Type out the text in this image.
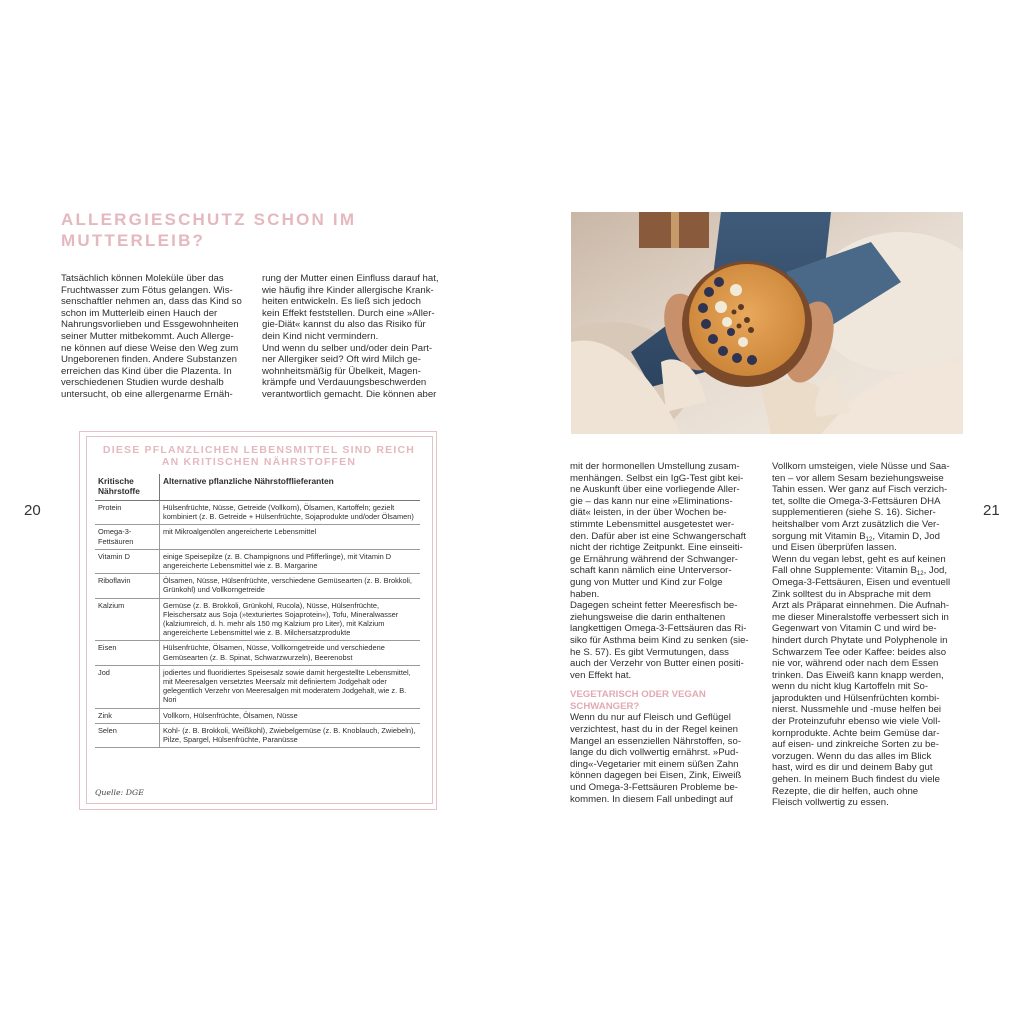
20	21
ALLERGIESCHUTZ SCHON IM MUTTERLEIB?
Tatsächlich können Moleküle über das
Fruchtwasser zum Fötus gelangen. Wis-
senschaftler nehmen an, dass das Kind so
schon im Mutterleib einen Hauch der
Nahrungsvorlieben und Essgewohnheiten
seiner Mutter mitbekommt. Auch Allerge-
ne können auf diese Weise den Weg zum
Ungeborenen finden. Andere Substanzen
erreichen das Kind über die Plazenta. In
verschiedenen Studien wurde deshalb
untersucht, ob eine allergenarme Ernäh-
rung der Mutter einen Einfluss darauf hat,
wie häufig ihre Kinder allergische Krank-
heiten entwickeln. Es ließ sich jedoch
kein Effekt feststellen. Durch eine »Aller-
gie-Diät« kannst du also das Risiko für
dein Kind nicht vermindern.
Und wenn du selber und/oder dein Part-
ner Allergiker seid? Oft wird Milch ge-
wohnheitsmäßig für Übelkeit, Magen-
krämpfe und Verdauungsbeschwerden
verantwortlich gemacht. Die können aber
DIESE PFLANZLICHEN LEBENSMITTEL SIND REICH AN KRITISCHEN NÄHRSTOFFEN
Kritische Nährstoffe	Alternative pflanzliche Nährstofflieferanten
Protein	Hülsenfrüchte, Nüsse, Getreide (Vollkorn), Ölsamen, Kartoffeln; gezielt kombiniert (z. B. Getreide + Hülsenfrüchte, Sojaprodukte und/oder Ölsamen)
Omega-3-Fettsäuren	mit Mikroalgenölen angereicherte Lebensmittel
Vitamin D	einige Speisepilze (z. B. Champignons und Pfifferlinge), mit Vitamin D angereicherte Lebensmittel wie z. B. Margarine
Riboflavin	Ölsamen, Nüsse, Hülsenfrüchte, verschiedene Gemüsearten (z. B. Brokkoli, Grünkohl) und Vollkorngetreide
Kalzium	Gemüse (z. B. Brokkoli, Grünkohl, Rucola), Nüsse, Hülsenfrüchte, Fleischersatz aus Soja (»texturiertes Sojaprotein«), Tofu, Mineralwasser (kalziumreich, d. h. mehr als 150 mg Kalzium pro Liter), mit Kalzium angereicherte Lebensmittel wie z. B. Milchersatzprodukte
Eisen	Hülsenfrüchte, Ölsamen, Nüsse, Vollkorngetreide und verschiedene Gemüsearten (z. B. Spinat, Schwarzwurzeln), Beerenobst
Jod	jodiertes und fluoridiertes Speisesalz sowie damit hergestellte Lebensmittel, mit Meeresalgen versetztes Meersalz mit definiertem Jodgehalt oder gelegentlich Verzehr von Meeresalgen mit moderatem Jodgehalt, wie z. B. Nori
Zink	Vollkorn, Hülsenfrüchte, Ölsamen, Nüsse
Selen	Kohl- (z. B. Brokkoli, Weißkohl), Zwiebelgemüse (z. B. Knoblauch, Zwiebeln), Pilze, Spargel, Hülsenfrüchte, Paranüsse
Quelle: DGE
mit der hormonellen Umstellung zusam-
menhängen. Selbst ein IgG-Test gibt kei-
ne Auskunft über eine vorliegende Aller-
gie – das kann nur eine »Eliminations-
diät« leisten, in der über Wochen be-
stimmte Lebensmittel ausgetestet wer-
den. Dafür aber ist eine Schwangerschaft
nicht der richtige Zeitpunkt. Eine einseiti-
ge Ernährung während der Schwanger-
schaft kann nämlich eine Unterversor-
gung von Mutter und Kind zur Folge
haben.
Dagegen scheint fetter Meeresfisch be-
ziehungsweise die darin enthaltenen
langkettigen Omega-3-Fettsäuren das Ri-
siko für Asthma beim Kind zu senken (sie-
he S. 57). Es gibt Vermutungen, dass
auch der Verzehr von Butter einen positi-
ven Effekt hat.
VEGETARISCH ODER VEGAN SCHWANGER?
Wenn du nur auf Fleisch und Geflügel
verzichtest, hast du in der Regel keinen
Mangel an essenziellen Nährstoffen, so-
lange du dich vollwertig ernährst. »Pud-
ding«-Vegetarier mit einem süßen Zahn
können dagegen bei Eisen, Zink, Eiweiß
und Omega-3-Fettsäuren Probleme be-
kommen. In diesem Fall unbedingt auf
Vollkorn umsteigen, viele Nüsse und Saa-
ten – vor allem Sesam beziehungsweise
Tahin essen. Wer ganz auf Fisch verzich-
tet, sollte die Omega-3-Fettsäuren DHA
supplementieren (siehe S. 16). Sicher-
heitshalber vom Arzt zusätzlich die Ver-
sorgung mit Vitamin $B_{12}$, Vitamin D, Jod
und Eisen überprüfen lassen.
Wenn du vegan lebst, geht es auf keinen
Fall ohne Supplemente: Vitamin $B_{12}$, Jod,
Omega-3-Fettsäuren, Eisen und eventuell
Zink solltest du in Absprache mit dem
Arzt als Präparat einnehmen. Die Aufnah-
me dieser Mineralstoffe verbessert sich in
Gegenwart von Vitamin C und wird be-
hindert durch Phytate und Polyphenole in
Schwarzem Tee oder Kaffee: beides also
nie vor, während oder nach dem Essen
trinken. Das Eiweiß kann knapp werden,
wenn du nicht klug Kartoffeln mit So-
japrodukten und Hülsenfrüchten kombi-
nierst. Nussmehle und -muse helfen bei
der Proteinzufuhr ebenso wie viele Voll-
kornprodukte. Achte beim Gemüse dar-
auf eisen- und zinkreiche Sorten zu be-
vorzugen. Wenn du das alles im Blick
hast, wird es dir und deinem Baby gut
gehen. In meinem Buch findest du viele
Rezepte, die dir helfen, auch ohne
Fleisch vollwertig zu essen.
